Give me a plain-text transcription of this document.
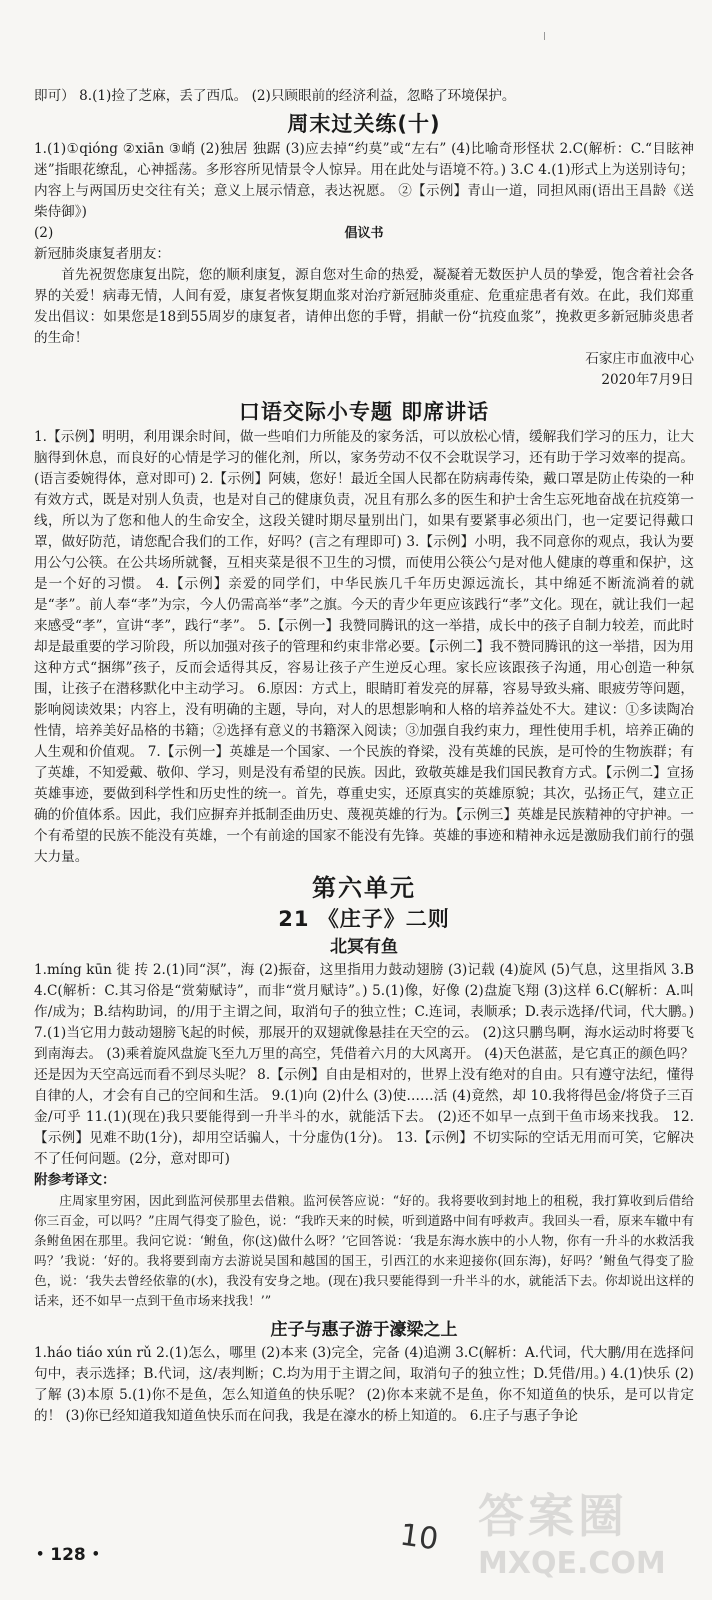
即可） 8.(1)捡了芝麻，丢了西瓜。 (2)只顾眼前的经济利益，忽略了环境保护。

周末过关练(十)

1.(1)①qióng ②xiān ③峭 (2)独居 独踞 (3)应去掉“约莫”或“左右” (4)比喻奇形怪状 2.C(解析：C.“目眩神迷”指眼花缭乱，心神摇荡。多形容所见情景令人惊异。用在此处与语境不符。) 3.C 4.(1)形式上为送别诗句；内容上与两国历史交往有关；意义上展示情意，表达祝愿。 ②【示例】青山一道，同担风雨(语出王昌龄《送柴侍御》)

(2)	倡议书

新冠肺炎康复者朋友：

首先祝贺您康复出院，您的顺利康复，源自您对生命的热爱，凝凝着无数医护人员的挚爱，饱含着社会各界的关爱！病毒无情，人间有爱，康复者恢复期血浆对治疗新冠肺炎重症、危重症患者有效。在此，我们郑重发出倡议：如果您是18到55周岁的康复者，请伸出您的手臂，捐献一份“抗疫血浆”，挽救更多新冠肺炎患者的生命！

石家庄市血液中心

2020年7月9日

口语交际小专题 即席讲话

1.【示例】明明，利用课余时间，做一些咱们力所能及的家务活，可以放松心情，缓解我们学习的压力，让大脑得到休息，而良好的心情是学习的催化剂，所以，家务劳动不仅不会耽误学习，还有助于学习效率的提高。(语言委婉得体，意对即可) 2.【示例】阿姨，您好！最近全国人民都在防病毒传染，戴口罩是防止传染的一种有效方式，既是对别人负责，也是对自己的健康负责，况且有那么多的医生和护士舍生忘死地奋战在抗疫第一线，所以为了您和他人的生命安全，这段关键时期尽量别出门，如果有要紧事必须出门，也一定要记得戴口罩，做好防范，请您配合我们的工作，好吗？(言之有理即可) 3.【示例】小明，我不同意你的观点，我认为要用公勺公筷。在公共场所就餐，互相夹菜是很不卫生的习惯，而使用公筷公勺是对他人健康的尊重和保护，这是一个好的习惯。 4.【示例】亲爱的同学们，中华民族几千年历史源远流长，其中绵延不断流淌着的就是“孝”。前人奉“孝”为宗，今人仍需高举“孝”之旗。今天的青少年更应该践行“孝”文化。现在，就让我们一起来感受“孝”，宣讲“孝”，践行“孝”。 5.【示例一】我赞同腾讯的这一举措，成长中的孩子自制力较差，而此时却是最重要的学习阶段，所以加强对孩子的管理和约束非常必要。【示例二】我不赞同腾讯的这一举措，因为用这种方式“捆绑”孩子，反而会适得其反，容易让孩子产生逆反心理。家长应该跟孩子沟通，用心创造一种氛围，让孩子在潜移默化中主动学习。 6.原因：方式上，眼睛盯着发亮的屏幕，容易导致头痛、眼疲劳等问题，影响阅读效果；内容上，没有明确的主题，导向，对人的思想影响和人格的培养益处不大。建议：①多读陶冶性情，培养美好品格的书籍；②选择有意义的书籍深入阅读；③加强自我约束力，理性使用手机，培养正确的人生观和价值观。 7.【示例一】英雄是一个国家、一个民族的脊梁，没有英雄的民族，是可怜的生物族群；有了英雄，不知爱戴、敬仰、学习，则是没有希望的民族。因此，致敬英雄是我们国民教育方式。【示例二】宣扬英雄事迹，要做到科学性和历史性的统一。首先，尊重史实，还原真实的英雄原貌；其次，弘扬正气，建立正确的价值体系。因此，我们应摒弃并抵制歪曲历史、蔑视英雄的行为。【示例三】英雄是民族精神的守护神。一个有希望的民族不能没有英雄，一个有前途的国家不能没有先锋。英雄的事迹和精神永远是激励我们前行的强大力量。

第六单元
21 《庄子》二则
北冥有鱼

1.míng kūn 徙 抟 2.(1)同“溟”，海 (2)振奋，这里指用力鼓动翅膀 (3)记载 (4)旋风 (5)气息，这里指风 3.B 4.C(解析：C.其习俗是“赏菊赋诗”，而非“赏月赋诗”。) 5.(1)像，好像 (2)盘旋飞翔 (3)这样 6.C(解析：A.叫作/成为；B.结构助词，的/用于主谓之间，取消句子的独立性；C.连词，表顺承；D.表示选择/代词，代大鹏。) 7.(1)当它用力鼓动翅膀飞起的时候，那展开的双翅就像悬挂在天空的云。 (2)这只鹏鸟啊，海水运动时将要飞到南海去。 (3)乘着旋风盘旋飞至九万里的高空，凭借着六月的大风离开。 (4)天色湛蓝，是它真正的颜色吗？还是因为天空高远而看不到尽头呢？ 8.【示例】自由是相对的，世界上没有绝对的自由。只有遵守法纪，懂得自律的人，才会有自己的空间和生活。 9.(1)向 (2)什么 (3)使……活 (4)竟然，却 10.我将得邑金/将贷子三百金/可乎 11.(1)(现在)我只要能得到一升半斗的水，就能活下去。 (2)还不如早一点到干鱼市场来找我。 12.【示例】见难不助(1分)，却用空话骗人，十分虚伪(1分)。 13.【示例】不切实际的空话无用而可笑，它解决不了任何问题。(2分，意对即可)

附参考译文：

庄周家里穷困，因此到监河侯那里去借粮。监河侯答应说：“好的。我将要收到封地上的租税，我打算收到后借给你三百金，可以吗？”庄周气得变了脸色，说：“我昨天来的时候，听到道路中间有呼救声。我回头一看，原来车辙中有条鲋鱼困在那里。我问它说：‘鲋鱼，你(这)做什么呀？’它回答说：‘我是东海水族中的小人物，你有一升斗的水救活我吗？’我说：‘好的。我将要到南方去游说吴国和越国的国王，引西江的水来迎接你(回东海)，好吗？’鲋鱼气得变了脸色，说：‘我失去曾经依靠的(水)，我没有安身之地。(现在)我只要能得到一升半斗的水，就能活下去。你却说出这样的话来，还不如早一点到干鱼市场来找我！’”

庄子与惠子游于濠梁之上

1.háo tiáo xún rǔ 2.(1)怎么，哪里 (2)本来 (3)完全，完备 (4)追溯 3.C(解析：A.代词，代大鹏/用在选择问句中，表示选择；B.代词，这/表判断；C.均为用于主谓之间，取消句子的独立性；D.凭借/用。) 4.(1)快乐 (2)了解 (3)本原 5.(1)你不是鱼，怎么知道鱼的快乐呢？ (2)你本来就不是鱼，你不知道鱼的快乐，是可以肯定的！ (3)你已经知道我知道鱼快乐而在问我，我是在濠水的桥上知道的。 6.庄子与惠子争论

• 128 •	10 答案圈
MXQE.COM
